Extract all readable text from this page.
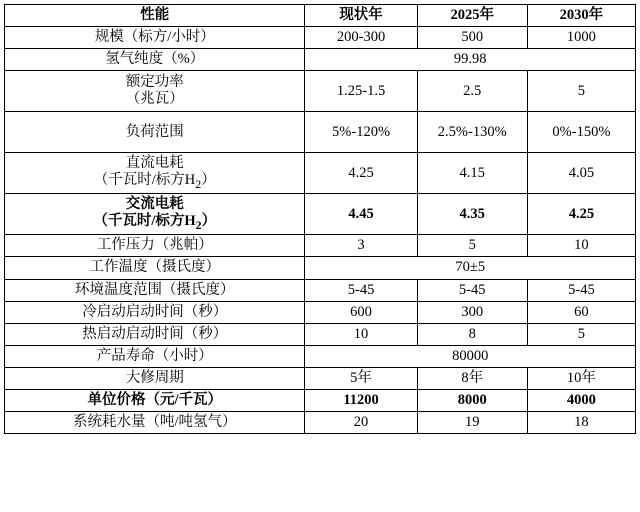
性能	现状年	2025年	2030年
规模（标方/小时）	200-300	500	1000
氢气纯度（%）	99.98		

额定功率
（兆瓦）	1.25-1.5	2.5	5
负荷范围	5%-120%	2.5%-130%	0%-150%

直流电耗
（千瓦时/标方$H_2$）	4.25	4.15	4.05

交流电耗
（千瓦时/标方$H_2$）	4.45	4.35	4.25
工作压力（兆帕）	3	5	10
工作温度（摄氏度）	70±5		
环境温度范围（摄氏度）	5-45	5-45	5-45
冷启动启动时间（秒）	600	300	60
热启动启动时间（秒）	10	8	5
产品寿命（小时）	80000		
大修周期	5年	8年	10年
单位价格（元/千瓦）	11200	8000	4000
系统耗水量（吨/吨氢气）	20	19	18
